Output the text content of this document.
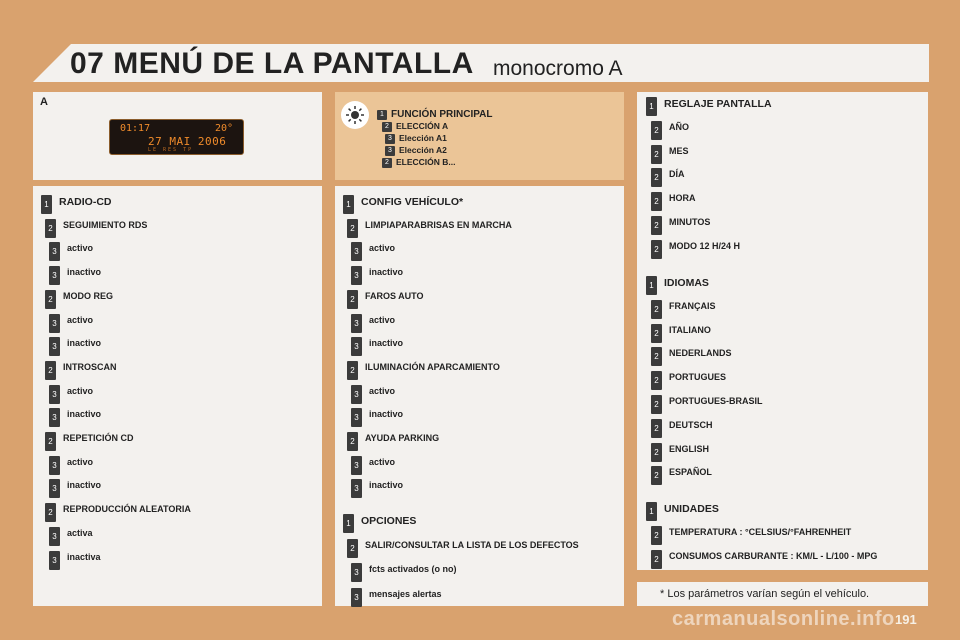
07 MENÚ DE LA PANTALLA monocromo A
A
01:17	20°
27 MAI 2006
LE RES TP
1 FUNCIÓN PRINCIPAL
2 ELECCIÓN A
3 Elección A1
3 Elección A2
2 ELECCIÓN B...
1 RADIO-CD
2	SEGUIMIENTO RDS
3	activo
3	inactivo
2	MODO REG
3	activo
3	inactivo
2	INTROSCAN
3	activo
3	inactivo
2	REPETICIÓN CD
3	activo
3	inactivo
2	REPRODUCCIÓN ALEATORIA
3	activa
3	inactiva
1 CONFIG VEHÍCULO*
2	LIMPIAPARABRISAS EN MARCHA
3	activo
3	inactivo
2	FAROS AUTO
3	activo
3	inactivo
2	ILUMINACIÓN APARCAMIENTO
3	activo
3	inactivo
2	AYUDA PARKING
3	activo
3	inactivo
1 OPCIONES
2	SALIR/CONSULTAR LA LISTA DE LOS DEFECTOS
3	fcts activados (o no)
3	mensajes alertas
1 REGLAJE PANTALLA
2	AÑO
2	MES
2	DÍA
2	HORA
2	MINUTOS
2	MODO 12 H/24 H
1 IDIOMAS
2	FRANÇAIS
2	ITALIANO
2	NEDERLANDS
2	PORTUGUES
2	PORTUGUES-BRASIL
2	DEUTSCH
2	ENGLISH
2	ESPAÑOL
1 UNIDADES
2	TEMPERATURA : °CELSIUS/°FAHRENHEIT
2	CONSUMOS CARBURANTE : KM/L - L/100 - MPG
* Los parámetros varían según el vehículo.
carmanualsonline.info 191
